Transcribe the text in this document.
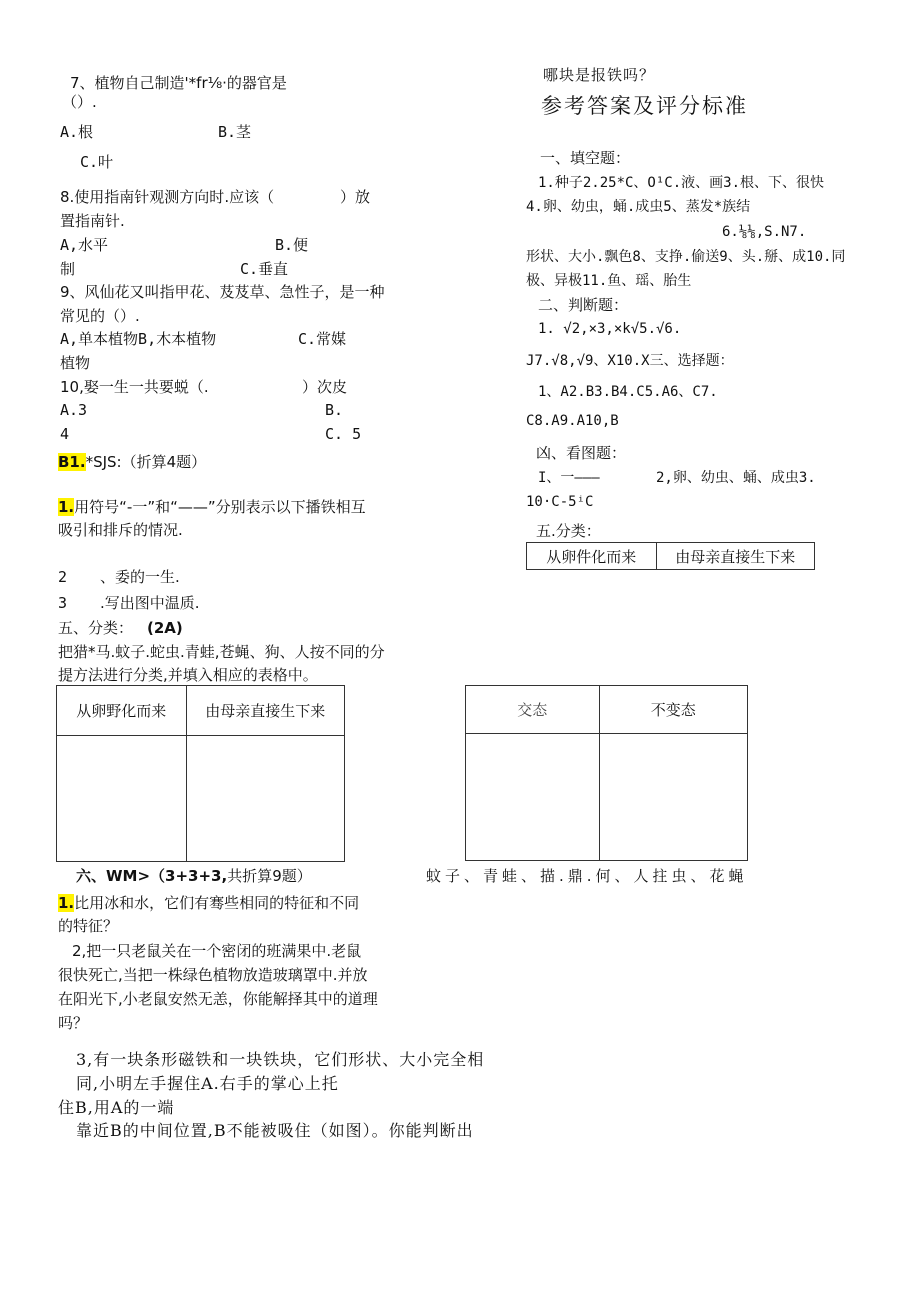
7、植物自己制造'*fr⅛·的器官是
（）.
A.根	B.茎
C.叶
8.使用指南针观测方向时.应该（	）放
置指南针.
A,水平	B.便
制	C.垂直
9、风仙花又叫指甲花、芨芨草、急性子，是一种
常见的（）.
A,单本植物B,木本植物	C.常媒
植物
10,娶一生一共要蜕（.	）次皮
A.3	B.
4	C. 5
B1.*SJS:（折算4题）
1.用符号“-一”和“——”分别表示以下播铁相互
吸引和排斥的情况.
2 、委的一生.
3 .写出图中温质.
五、分类： (2A)
把猎*马.蚊子.蛇虫.青蛙,苍蝇、狗、人按不同的分
提方法进行分类,并填入相应的表格中。
从卵野化而来	由母亲直接生下来

六、WM>（3+3+3,共折算9题）
1.比用冰和水，它们有骞些相同的特征和不同
的特征？
2,把一只老鼠关在一个密闭的班满果中.老鼠
很快死亡,当把一株绿色植物放造玻璃罩中.并放
在阳光下,小老鼠安然无恙，你能解择其中的道理
吗？
3,有一块条形磁铁和一块铁块，它们形状、大小完全相
同,小明左手握住A.右手的掌心上托
住B,用A的一端
靠近B的中间位置,B不能被吸住（如图）。你能判断出
哪块是报铁吗？
参考答案及评分标准
一、填空题：
1.种子2.25*C、O¹C.液、画3.根、下、很快
4.卵、幼虫，蛹.成虫5、蒸发*族结
6.⅛⅛,S.N7.
形状、大小.飘色8、支挣.偷送9、头.掰、成10.同
极、异极11.鱼、瑶、胎生
二、判断题：
1. √2,×3,×k√5.√6.
J7.√8,√9、X10.X三、选择题：
1、A2.B3.B4.C5.A6、C7.
C8.A9.A10,B
凶、看图题：
I、一———	2,卵、幼虫、蛹、成虫3.
10·C-5ⁱC
五.分类：
从卵件化而来	由母亲直接生下来
交态	不变态

蚊子、青蛙、描.鼎.何、人拄虫、花蝇
